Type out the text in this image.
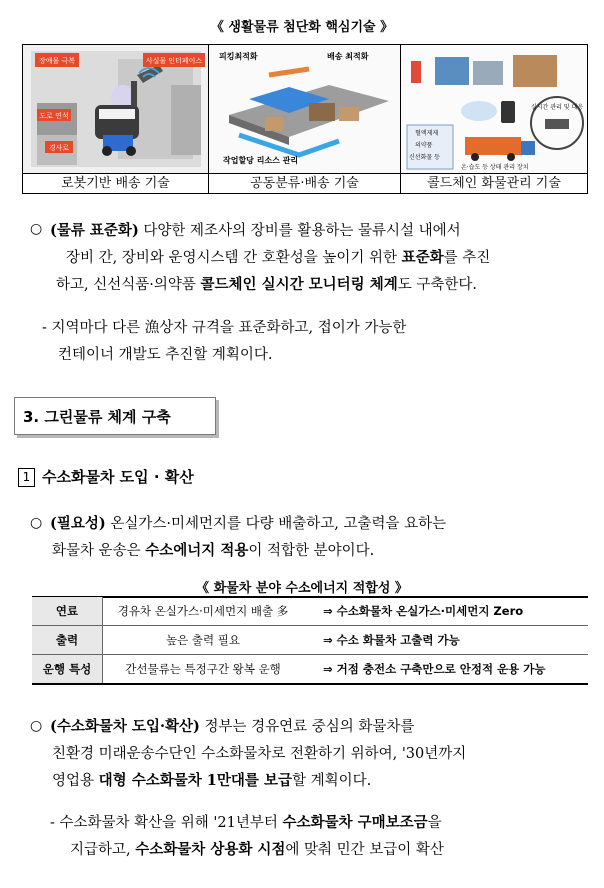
《 생활물류 첨단화 핵심기술 》
장애물 극복	사실물 인터페이스
도로 연석
경사로
피킹최적화	배송 최적화
작업할당 리소스 관리
실시간 관리 및 대응
혈액제제
의약품
신선화물 등
온·습도 등 상태 관리 장치
로봇기반 배송 기술	공동분류·배송 기술	콜드체인 화물관리 기술
○ (물류 표준화) 다양한 제조사의 장비를 활용하는 물류시설 내에서
장비 간, 장비와 운영시스템 간 호환성을 높이기 위한 표준화를 추진
하고, 신선식품·의약품 콜드체인 실시간 모니터링 체계도 구축한다.
- 지역마다 다른 漁상자 규격을 표준화하고, 접이가 가능한
컨테이너 개발도 추진할 계획이다.
3. 그린물류 체계 구축
1 수소화물차 도입 · 확산
○ (필요성) 온실가스·미세먼지를 다량 배출하고, 고출력을 요하는
화물차 운송은 수소에너지 적용이 적합한 분야이다.
《 화물차 분야 수소에너지 적합성 》
연료	경유차 온실가스·미세먼지 배출 多	⇒ 수소화물차 온실가스·미세먼지 Zero
출력	높은 출력 필요	⇒ 수소 화물차 고출력 가능
운행 특성	간선물류는 특정구간 왕복 운행	⇒ 거점 충전소 구축만으로 안정적 운용 가능
○ (수소화물차 도입·확산) 정부는 경유연료 중심의 화물차를
친환경 미래운송수단인 수소화물차로 전환하기 위하여, '30년까지
영업용 대형 수소화물차 1만대를 보급할 계획이다.
- 수소화물차 확산을 위해 '21년부터 수소화물차 구매보조금을
지급하고, 수소화물차 상용화 시점에 맞춰 민간 보급이 확산
